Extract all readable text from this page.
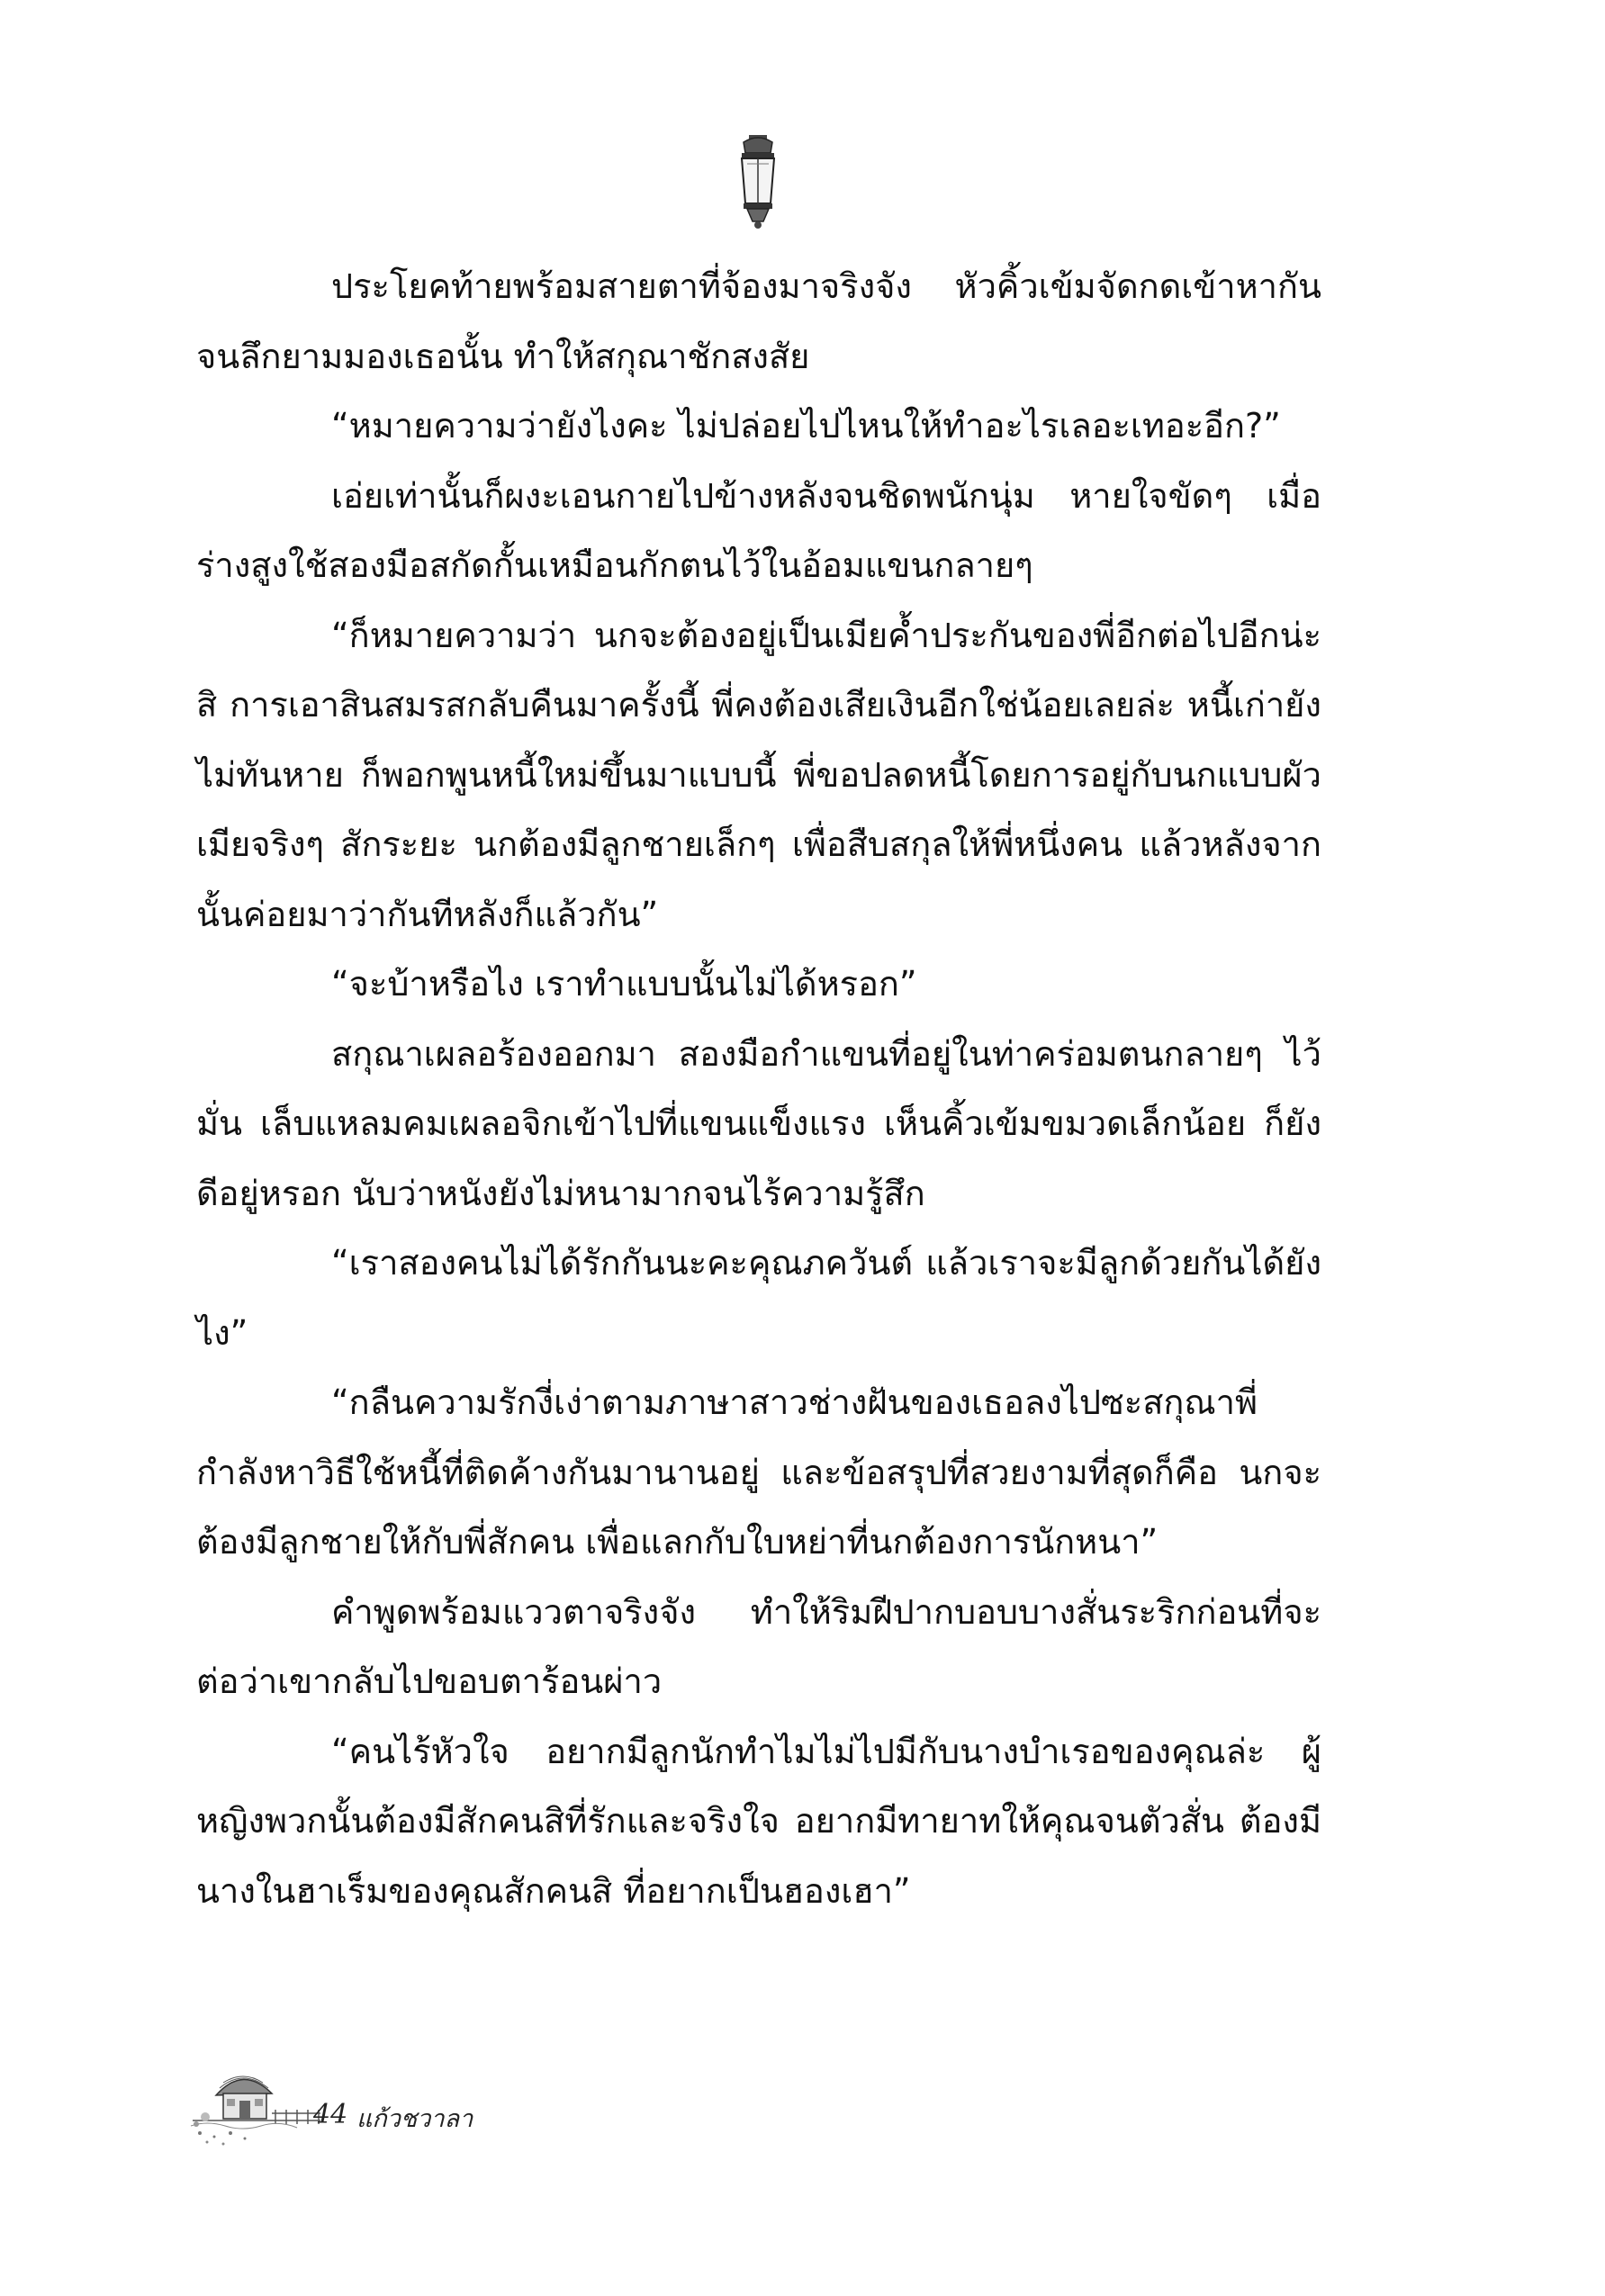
ประโยคท้ายพร้อมสายตาที่จ้องมาจริงจัง หัวคิ้วเข้มจัดกดเข้าหากันจนลึกยามมองเธอนั้น ทำให้สกุณาชักสงสัย

“หมายความว่ายังไงคะ ไม่ปล่อยไปไหนให้ทำอะไรเลอะเทอะอีก?”

เอ่ยเท่านั้นก็ผงะเอนกายไปข้างหลังจนชิดพนักนุ่ม หายใจขัดๆ เมื่อร่างสูงใช้สองมือสกัดกั้นเหมือนกักตนไว้ในอ้อมแขนกลายๆ

“ก็หมายความว่า นกจะต้องอยู่เป็นเมียค้ำประกันของพี่อีกต่อไปอีกน่ะสิ การเอาสินสมรสกลับคืนมาครั้งนี้ พี่คงต้องเสียเงินอีกใช่น้อยเลยล่ะ หนี้เก่ายังไม่ทันหาย ก็พอกพูนหนี้ใหม่ขึ้นมาแบบนี้ พี่ขอปลดหนี้โดยการอยู่กับนกแบบผัวเมียจริงๆ สักระยะ นกต้องมีลูกชายเล็กๆ เพื่อสืบสกุลให้พี่หนึ่งคน แล้วหลังจากนั้นค่อยมาว่ากันทีหลังก็แล้วกัน”

“จะบ้าหรือไง เราทำแบบนั้นไม่ได้หรอก”

สกุณาเผลอร้องออกมา สองมือกำแขนที่อยู่ในท่าคร่อมตนกลายๆ ไว้มั่น เล็บแหลมคมเผลอจิกเข้าไปที่แขนแข็งแรง เห็นคิ้วเข้มขมวดเล็กน้อย ก็ยังดีอยู่หรอก นับว่าหนังยังไม่หนามากจนไร้ความรู้สึก

“เราสองคนไม่ได้รักกันนะคะคุณภควันต์ แล้วเราจะมีลูกด้วยกันได้ยังไง”

“กลืนความรักงี่เง่าตามภาษาสาวช่างฝันของเธอลงไปซะสกุณาพี่กำลังหาวิธีใช้หนี้ที่ติดค้างกันมานานอยู่ และข้อสรุปที่สวยงามที่สุดก็คือ นกจะต้องมีลูกชายให้กับพี่สักคน เพื่อแลกกับใบหย่าที่นกต้องการนักหนา”

คำพูดพร้อมแววตาจริงจัง ทำให้ริมฝีปากบอบบางสั่นระริกก่อนที่จะต่อว่าเขากลับไปขอบตาร้อนผ่าว

“คนไร้หัวใจ อยากมีลูกนักทำไมไม่ไปมีกับนางบำเรอของคุณล่ะ ผู้หญิงพวกนั้นต้องมีสักคนสิที่รักและจริงใจ อยากมีทายาทให้คุณจนตัวสั่น ต้องมีนางในฮาเร็มของคุณสักคนสิ ที่อยากเป็นฮองเฮา”

44 แก้วชวาลา
